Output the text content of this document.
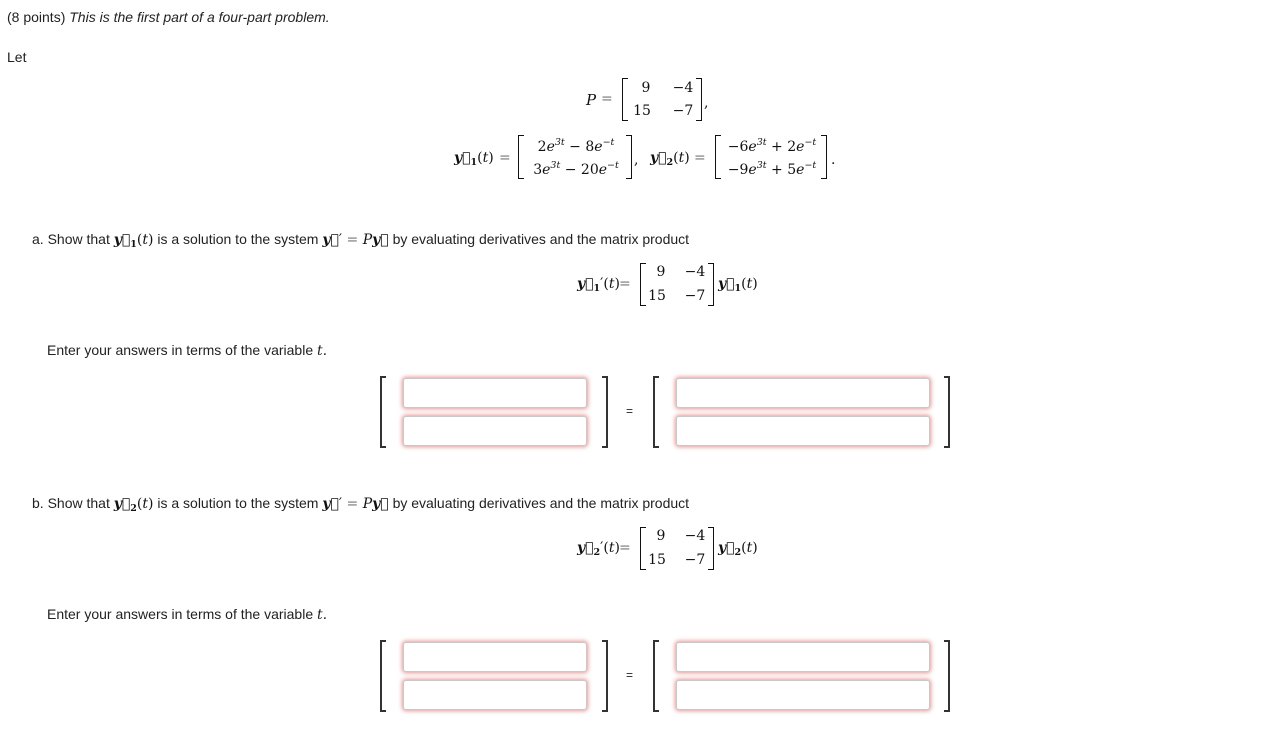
(8 points) This is the first part of a four-part problem.
Let
P =
9	−4
15	−7 ,
$y⃗_1(t)$ =
$2e^{3t} - 8e^{-t}$
$3e^{3t} - 20e^{-t}$	, $y⃗_2(t)$ =
$-6e^{3t} + 2e^{-t}$
$-9e^{3t} + 5e^{-t}$	.
a. Show that $y⃗_1(t)$ is a solution to the system y⃗′ = Py⃗ by evaluating derivatives and the matrix product
$y⃗_1'(t)$ =
9	−4
15	−7
$y⃗_1(t)$
Enter your answers in terms of the variable t.
=
b. Show that $y⃗_2(t)$ is a solution to the system y⃗′ = Py⃗ by evaluating derivatives and the matrix product
$y⃗_2'(t)$ =
9	−4
15	−7
$y⃗_2(t)$
Enter your answers in terms of the variable t.
=
